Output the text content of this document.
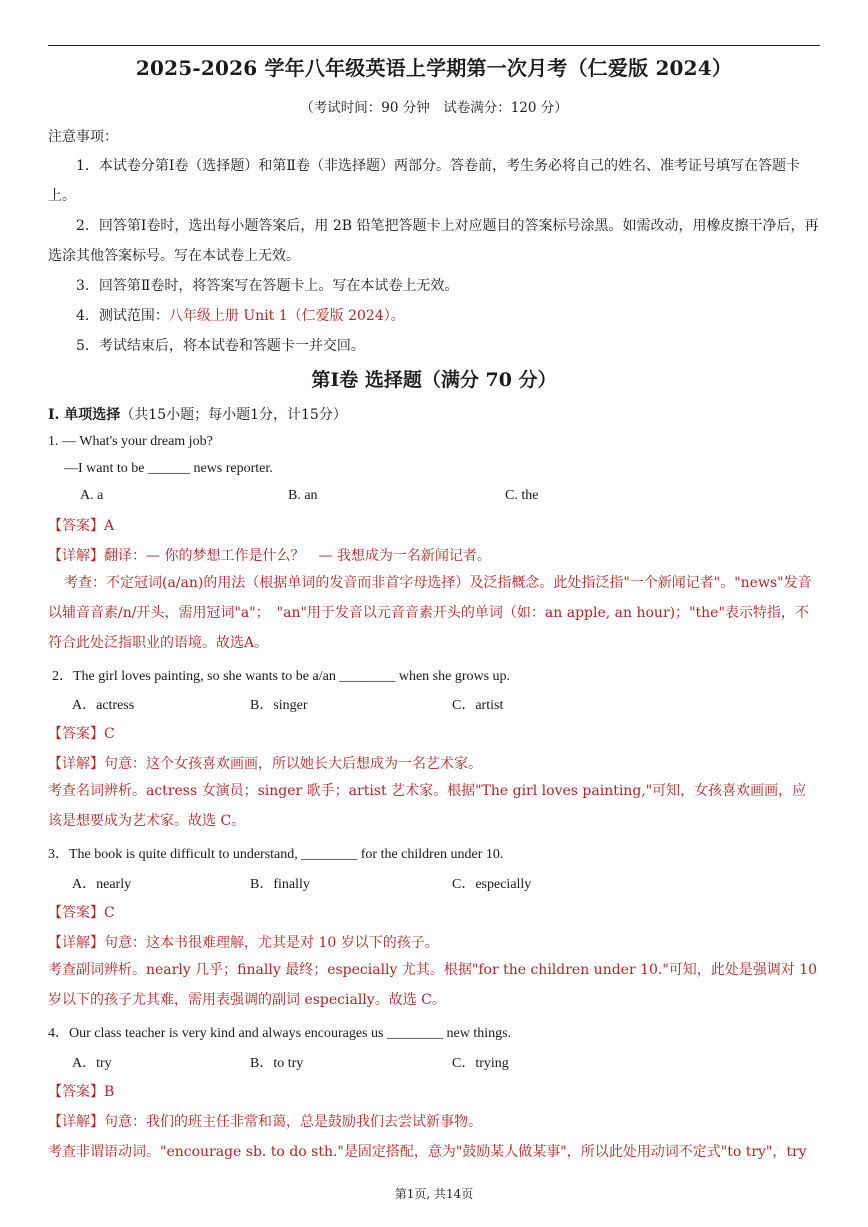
2025-2026 学年八年级英语上学期第一次月考（仁爱版 2024）
（考试时间：90 分钟　试卷满分：120 分）
注意事项：
1．本试卷分第Ⅰ卷（选择题）和第Ⅱ卷（非选择题）两部分。答卷前，考生务必将自己的姓名、准考证号填写在答题卡上。
2．回答第Ⅰ卷时，选出每小题答案后，用 2B 铅笔把答题卡上对应题目的答案标号涂黑。如需改动，用橡皮擦干净后，再选涂其他答案标号。写在本试卷上无效。
3．回答第Ⅱ卷时，将答案写在答题卡上。写在本试卷上无效。
4．测试范围：八年级上册 Unit 1（仁爱版 2024）。
5．考试结束后，将本试卷和答题卡一并交回。
第Ⅰ卷 选择题（满分 70 分）
I. 单项选择（共15小题；每小题1分，计15分）
1. — What's your dream job?
—I want to be ______ news reporter.
A. a	B. an	C. the
【答案】A
【详解】翻译：— 你的梦想工作是什么？　— 我想成为一名新闻记者。
考查：不定冠词(a/an)的用法（根据单词的发音而非首字母选择）及泛指概念。此处指泛指"一个新闻记者"。"news"发音以辅音音素/n/开头，需用冠词"a"；　"an"用于发音以元音音素开头的单词（如：an apple, an hour)；"the"表示特指，不符合此处泛指职业的语境。故选A。
2．The girl loves painting, so she wants to be a/an ________ when she grows up.
A．actress	B．singer	C．artist
【答案】C
【详解】句意：这个女孩喜欢画画，所以她长大后想成为一名艺术家。
考查名词辨析。actress 女演员；singer 歌手；artist 艺术家。根据"The girl loves painting,"可知，女孩喜欢画画，应该是想要成为艺术家。故选 C。
3．The book is quite difficult to understand, ________ for the children under 10.
A．nearly	B．finally	C．especially
【答案】C
【详解】句意：这本书很难理解，尤其是对 10 岁以下的孩子。
考查副词辨析。nearly 几乎；finally 最终；especially 尤其。根据"for the children under 10."可知，此处是强调对 10 岁以下的孩子尤其难，需用表强调的副词 especially。故选 C。
4．Our class teacher is very kind and always encourages us ________ new things.
A．try	B．to try	C．trying
【答案】B
【详解】句意：我们的班主任非常和蔼，总是鼓励我们去尝试新事物。
考查非谓语动词。"encourage sb. to do sth."是固定搭配，意为"鼓励某人做某事"，所以此处用动词不定式"to try"，try
第1页, 共14页
